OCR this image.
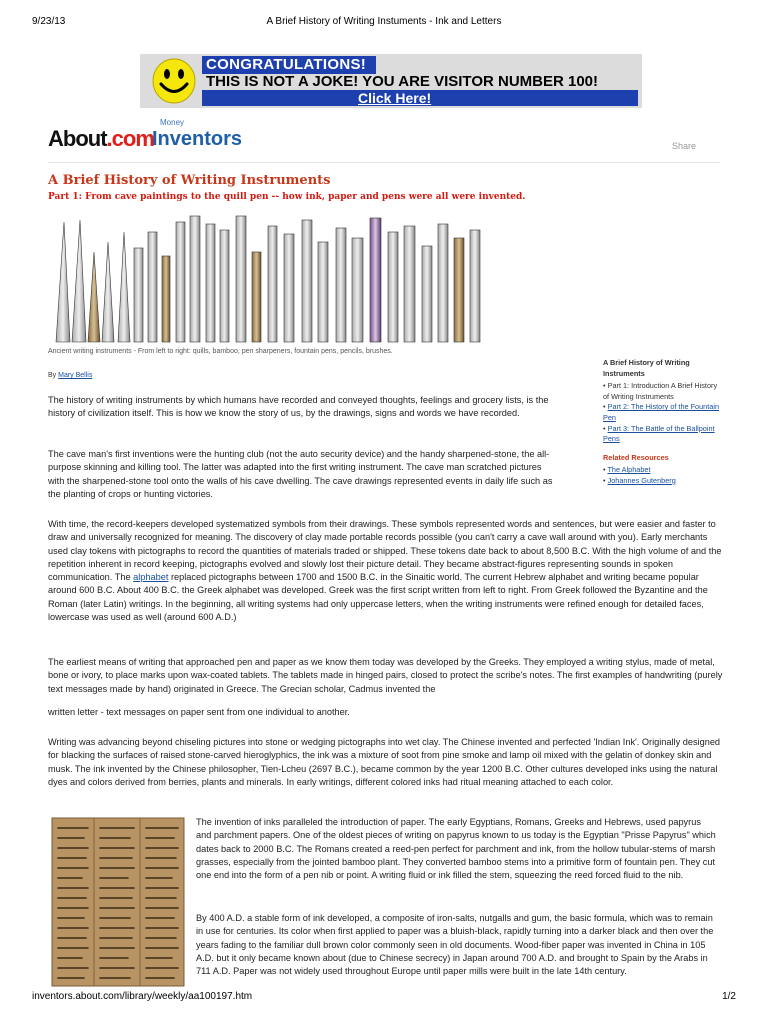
9/23/13	A Brief History of Writing Instuments - Ink and Letters
CONGRATULATIONS!
THIS IS NOT A JOKE! YOU ARE VISITOR NUMBER 100!
Click Here!
About.com
Money
Inventors	Share
A Brief History of Writing Instruments
Part 1: From cave paintings to the quill pen -- how ink, paper and pens were all were invented.
Ancient writing instruments - From left to right: quills, bamboo, pen sharpeners, fountain pens, pencils, brushes.
By Mary Bellis
A Brief History of Writing Instruments
• Part 1: Introduction A Brief History of Writing Instruments
• Part 2: The History of the Fountain Pen
• Part 3: The Battle of the Ballpoint Pens
Related Resources
• The Alphabet
• Johannes Gutenberg
The history of writing instruments by which humans have recorded and conveyed thoughts, feelings and grocery lists, is the history of civilization itself. This is how we know the story of us, by the drawings, signs and words we have recorded.
The cave man's first inventions were the hunting club (not the auto security device) and the handy sharpened-stone, the all-purpose skinning and killing tool. The latter was adapted into the first writing instrument. The cave man scratched pictures with the sharpened-stone tool onto the walls of his cave dwelling. The cave drawings represented events in daily life such as the planting of crops or hunting victories.
With time, the record-keepers developed systematized symbols from their drawings. These symbols represented words and sentences, but were easier and faster to draw and universally recognized for meaning. The discovery of clay made portable records possible (you can't carry a cave wall around with you). Early merchants used clay tokens with pictographs to record the quantities of materials traded or shipped. These tokens date back to about 8,500 B.C. With the high volume of and the repetition inherent in record keeping, pictographs evolved and slowly lost their picture detail. They became abstract-figures representing sounds in spoken communication. The alphabet replaced pictographs between 1700 and 1500 B.C. in the Sinaitic world. The current Hebrew alphabet and writing became popular around 600 B.C. About 400 B.C. the Greek alphabet was developed. Greek was the first script written from left to right. From Greek followed the Byzantine and the Roman (later Latin) writings. In the beginning, all writing systems had only uppercase letters, when the writing instruments were refined enough for detailed faces, lowercase was used as well (around 600 A.D.)
The earliest means of writing that approached pen and paper as we know them today was developed by the Greeks. They employed a writing stylus, made of metal, bone or ivory, to place marks upon wax-coated tablets. The tablets made in hinged pairs, closed to protect the scribe's notes. The first examples of handwriting (purely text messages made by hand) originated in Greece. The Grecian scholar, Cadmus invented the
written letter - text messages on paper sent from one individual to another.
Writing was advancing beyond chiseling pictures into stone or wedging pictographs into wet clay. The Chinese invented and perfected 'Indian Ink'. Originally designed for blacking the surfaces of raised stone-carved hieroglyphics, the ink was a mixture of soot from pine smoke and lamp oil mixed with the gelatin of donkey skin and musk. The ink invented by the Chinese philosopher, Tien-Lcheu (2697 B.C.), became common by the year 1200 B.C. Other cultures developed inks using the natural dyes and colors derived from berries, plants and minerals. In early writings, different colored inks had ritual meaning attached to each color.
The invention of inks paralleled the introduction of paper. The early Egyptians, Romans, Greeks and Hebrews, used papyrus and parchment papers. One of the oldest pieces of writing on papyrus known to us today is the Egyptian "Prisse Papyrus" which dates back to 2000 B.C. The Romans created a reed-pen perfect for parchment and ink, from the hollow tubular-stems of marsh grasses, especially from the jointed bamboo plant. They converted bamboo stems into a primitive form of fountain pen. They cut one end into the form of a pen nib or point. A writing fluid or ink filled the stem, squeezing the reed forced fluid to the nib.
By 400 A.D. a stable form of ink developed, a composite of iron-salts, nutgalls and gum, the basic formula, which was to remain in use for centuries. Its color when first applied to paper was a bluish-black, rapidly turning into a darker black and then over the years fading to the familiar dull brown color commonly seen in old documents. Wood-fiber paper was invented in China in 105 A.D. but it only became known about (due to Chinese secrecy) in Japan around 700 A.D. and brought to Spain by the Arabs in 711 A.D. Paper was not widely used throughout Europe until paper mills were built in the late 14th century.
inventors.about.com/library/weekly/aa100197.htm	1/2
